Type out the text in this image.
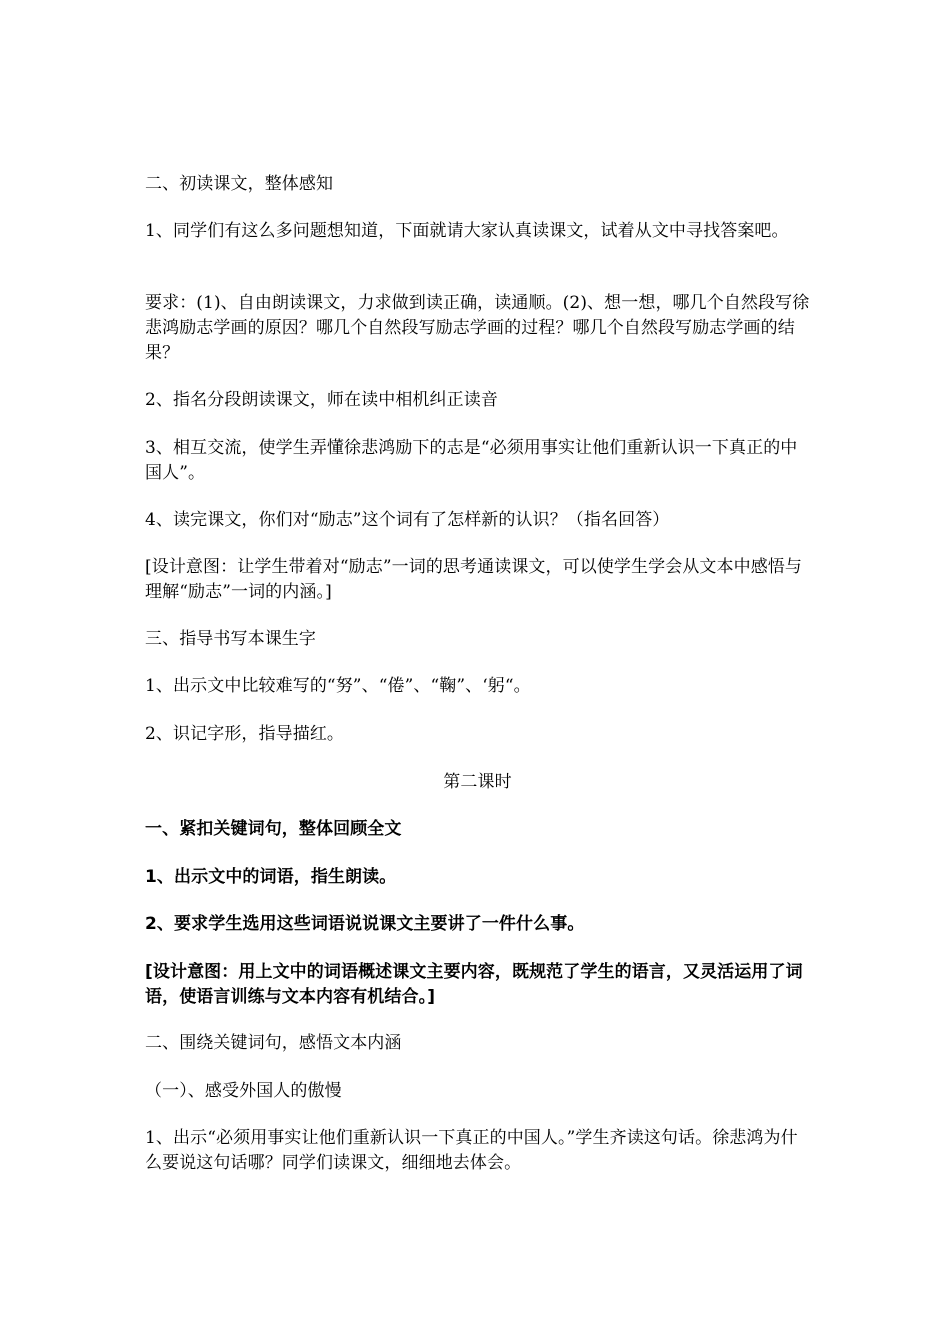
二、初读课文，整体感知

1、同学们有这么多问题想知道，下面就请大家认真读课文，试着从文中寻找答案吧。

要求：(1)、自由朗读课文，力求做到读正确，读通顺。(2)、想一想，哪几个自然段写徐悲鸿励志学画的原因？哪几个自然段写励志学画的过程？哪几个自然段写励志学画的结果？

2、指名分段朗读课文，师在读中相机纠正读音

3、相互交流，使学生弄懂徐悲鸿励下的志是“必须用事实让他们重新认识一下真正的中国人”。

4、读完课文，你们对“励志”这个词有了怎样新的认识？（指名回答）

[设计意图：让学生带着对“励志”一词的思考通读课文，可以使学生学会从文本中感悟与理解“励志”一词的内涵。]

三、指导书写本课生字

1、出示文中比较难写的“努”、“倦”、“鞠”、‘躬“。

2、识记字形，指导描红。

第二课时

一、紧扣关键词句，整体回顾全文

1、出示文中的词语，指生朗读。

2、要求学生选用这些词语说说课文主要讲了一件什么事。

[设计意图：用上文中的词语概述课文主要内容，既规范了学生的语言，又灵活运用了词语，使语言训练与文本内容有机结合。]

二、围绕关键词句，感悟文本内涵

（一）、感受外国人的傲慢

1、出示“必须用事实让他们重新认识一下真正的中国人。”学生齐读这句话。徐悲鸿为什么要说这句话哪？同学们读课文，细细地去体会。
